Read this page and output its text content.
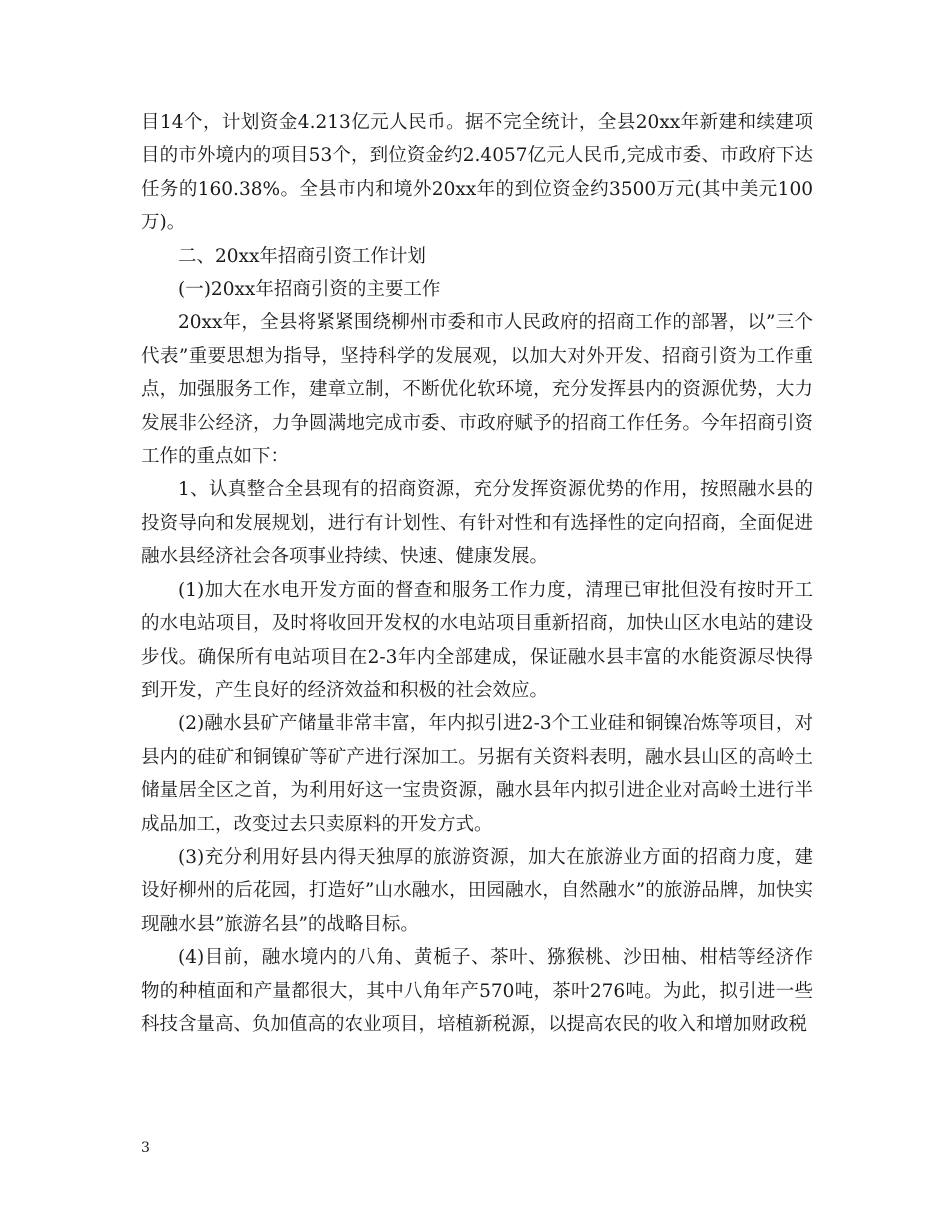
目14个，计划资金4.213亿元人民币。据不完全统计，全县20xx年新建和续建项目的市外境内的项目53个，到位资金约2.4057亿元人民币,完成市委、市政府下达任务的160.38%。全县市内和境外20xx年的到位资金约3500万元(其中美元100万)。

二、20xx年招商引资工作计划

(一)20xx年招商引资的主要工作

20xx年，全县将紧紧围绕柳州市委和市人民政府的招商工作的部署，以”三个代表”重要思想为指导，坚持科学的发展观，以加大对外开发、招商引资为工作重点，加强服务工作，建章立制，不断优化软环境，充分发挥县内的资源优势，大力发展非公经济，力争圆满地完成市委、市政府赋予的招商工作任务。今年招商引资工作的重点如下：

1、认真整合全县现有的招商资源，充分发挥资源优势的作用，按照融水县的投资导向和发展规划，进行有计划性、有针对性和有选择性的定向招商，全面促进融水县经济社会各项事业持续、快速、健康发展。

(1)加大在水电开发方面的督查和服务工作力度，清理已审批但没有按时开工的水电站项目，及时将收回开发权的水电站项目重新招商，加快山区水电站的建设步伐。确保所有电站项目在2-3年内全部建成，保证融水县丰富的水能资源尽快得到开发，产生良好的经济效益和积极的社会效应。

(2)融水县矿产储量非常丰富，年内拟引进2-3个工业硅和铜镍冶炼等项目，对县内的硅矿和铜镍矿等矿产进行深加工。另据有关资料表明，融水县山区的高岭土储量居全区之首，为利用好这一宝贵资源，融水县年内拟引进企业对高岭土进行半成品加工，改变过去只卖原料的开发方式。

(3)充分利用好县内得天独厚的旅游资源，加大在旅游业方面的招商力度，建设好柳州的后花园，打造好”山水融水，田园融水，自然融水”的旅游品牌，加快实现融水县”旅游名县”的战略目标。

(4)目前，融水境内的八角、黄栀子、茶叶、猕猴桃、沙田柚、柑桔等经济作物的种植面和产量都很大，其中八角年产570吨，茶叶276吨。为此，拟引进一些科技含量高、负加值高的农业项目，培植新税源，以提高农民的收入和增加财政税

3
